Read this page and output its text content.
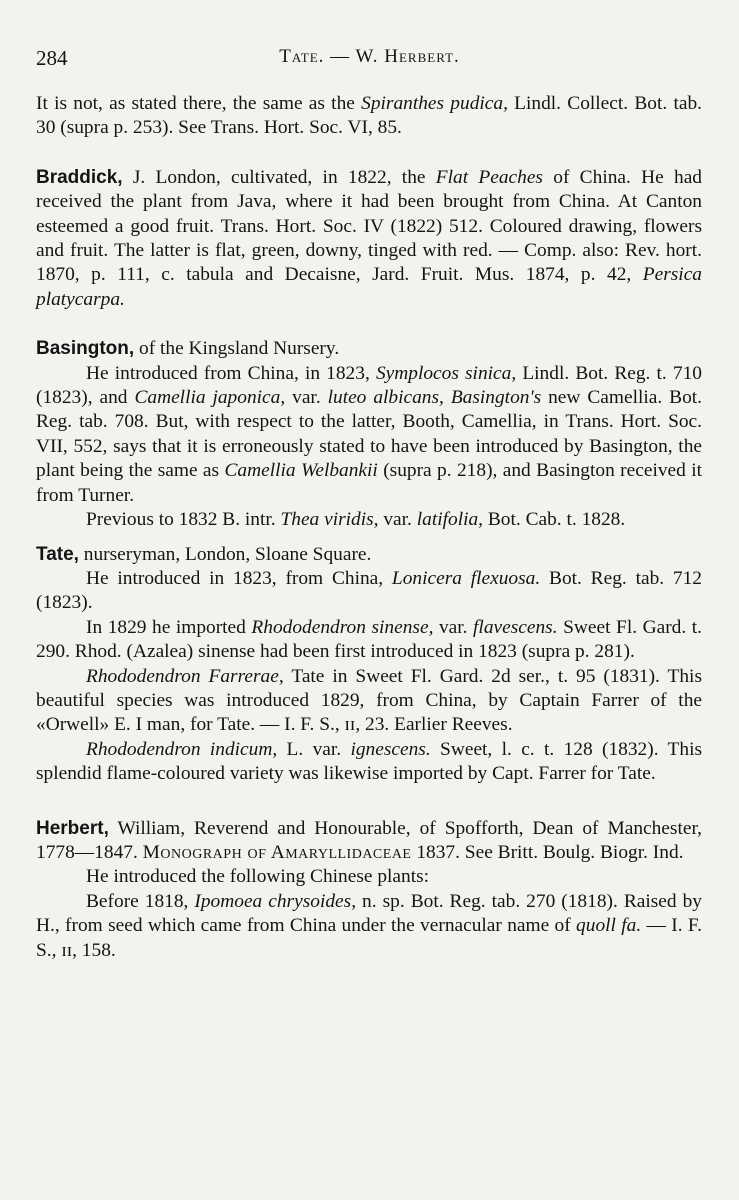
284	Tate. — W. Herbert.

It is not, as stated there, the same as the Spiranthes pudica, Lindl. Collect. Bot. tab. 30 (supra p. 253). See Trans. Hort. Soc. VI, 85.

Braddick, J. London, cultivated, in 1822, the Flat Peaches of China. He had received the plant from Java, where it had been brought from China. At Canton esteemed a good fruit. Trans. Hort. Soc. IV (1822) 512. Coloured drawing, flowers and fruit. The latter is flat, green, downy, tinged with red. — Comp. also: Rev. hort. 1870, p. 111, c. tabula and Decaisne, Jard. Fruit. Mus. 1874, p. 42, Persica platycarpa.

Basington, of the Kingsland Nursery.

He introduced from China, in 1823, Symplocos sinica, Lindl. Bot. Reg. t. 710 (1823), and Camellia japonica, var. luteo albicans, Basington's new Camellia. Bot. Reg. tab. 708. But, with respect to the latter, Booth, Camellia, in Trans. Hort. Soc. VII, 552, says that it is erroneously stated to have been introduced by Basington, the plant being the same as Camellia Welbankii (supra p. 218), and Basington received it from Turner.

Previous to 1832 B. intr. Thea viridis, var. latifolia, Bot. Cab. t. 1828.

Tate, nurseryman, London, Sloane Square.

He introduced in 1823, from China, Lonicera flexuosa. Bot. Reg. tab. 712 (1823).

In 1829 he imported Rhododendron sinense, var. flavescens. Sweet Fl. Gard. t. 290. Rhod. (Azalea) sinense had been first introduced in 1823 (supra p. 281).

Rhododendron Farrerae, Tate in Sweet Fl. Gard. 2d ser., t. 95 (1831). This beautiful species was introduced 1829, from China, by Captain Farrer of the «Orwell» E. I man, for Tate. — I. F. S., ɪɪ, 23. Earlier Reeves.

Rhododendron indicum, L. var. ignescens. Sweet, l. c. t. 128 (1832). This splendid flame-coloured variety was likewise imported by Capt. Farrer for Tate.

Herbert, William, Reverend and Honourable, of Spofforth, Dean of Manchester, 1778—1847. Monograph of Amaryllidaceae 1837. See Britt. Boulg. Biogr. Ind.

He introduced the following Chinese plants:

Before 1818, Ipomoea chrysoides, n. sp. Bot. Reg. tab. 270 (1818). Raised by H., from seed which came from China under the vernacular name of quoll fa. — I. F. S., ɪɪ, 158.
